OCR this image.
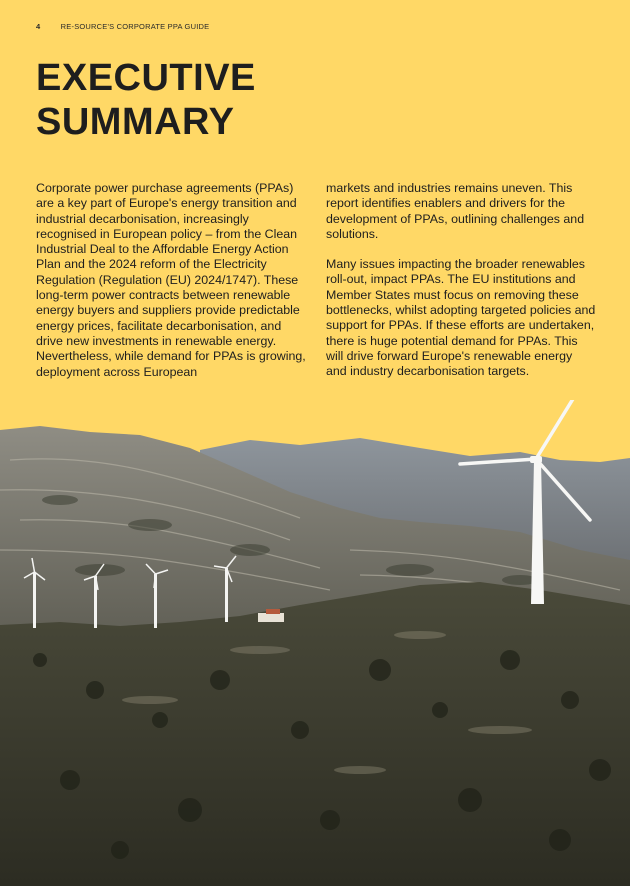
4	RE-SOURCE'S CORPORATE PPA GUIDE
EXECUTIVE
SUMMARY

Corporate power purchase agreements (PPAs) are a key part of Europe's energy transition and industrial decarbonisation, increasingly recognised in European policy – from the Clean Industrial Deal to the Affordable Energy Action Plan and the 2024 reform of the Electricity Regulation (Regulation (EU) 2024/1747). These long-term power contracts between renewable energy buyers and suppliers provide predictable energy prices, facilitate decarbonisation, and drive new investments in renewable energy. Nevertheless, while demand for PPAs is growing, deployment across European

markets and industries remains uneven. This report identifies enablers and drivers for the development of PPAs, outlining challenges and solutions.

Many issues impacting the broader renewables roll-out, impact PPAs. The EU institutions and Member States must focus on removing these bottlenecks, whilst adopting targeted policies and support for PPAs. If these efforts are undertaken, there is huge potential demand for PPAs. This will drive forward Europe's renewable energy and industry decarbonisation targets.
